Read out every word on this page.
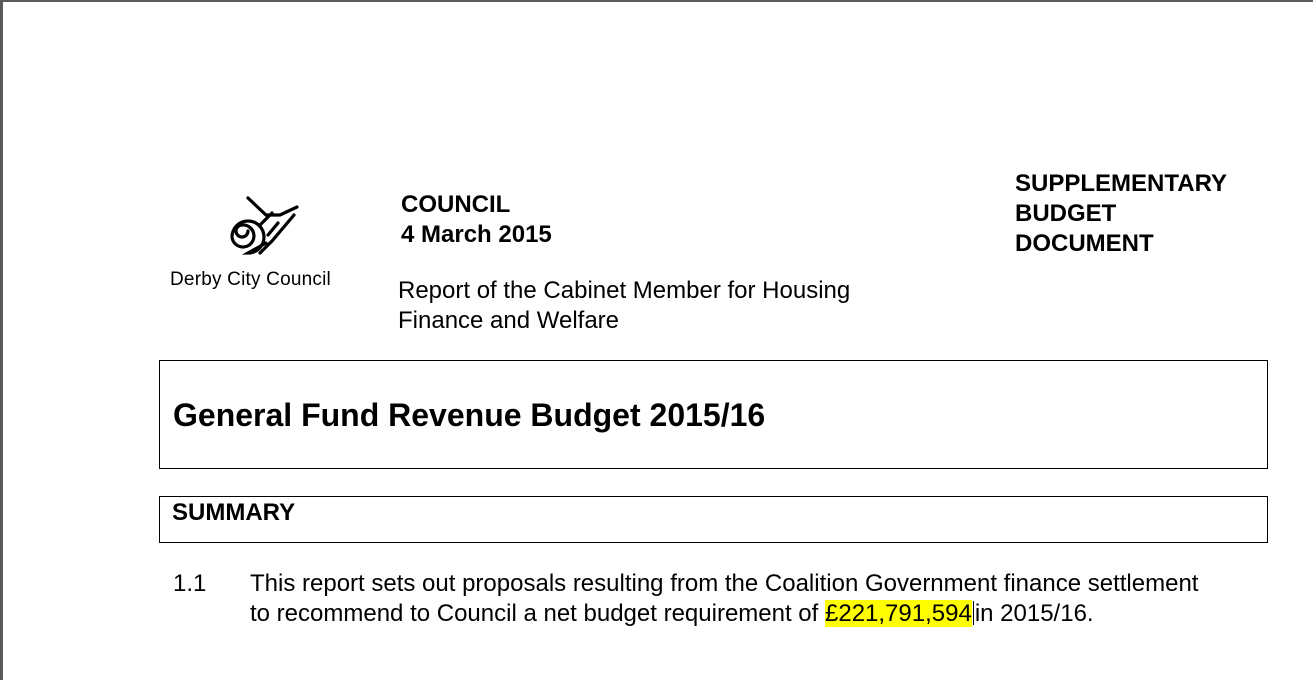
Derby City Council
COUNCIL
4 March 2015
Report of the Cabinet Member for Housing Finance and Welfare
SUPPLEMENTARY
BUDGET
DOCUMENT
General Fund Revenue Budget 2015/16
SUMMARY
1.1 This report sets out proposals resulting from the Coalition Government finance settlement to recommend to Council a net budget requirement of £221,791,594 in 2015/16.
